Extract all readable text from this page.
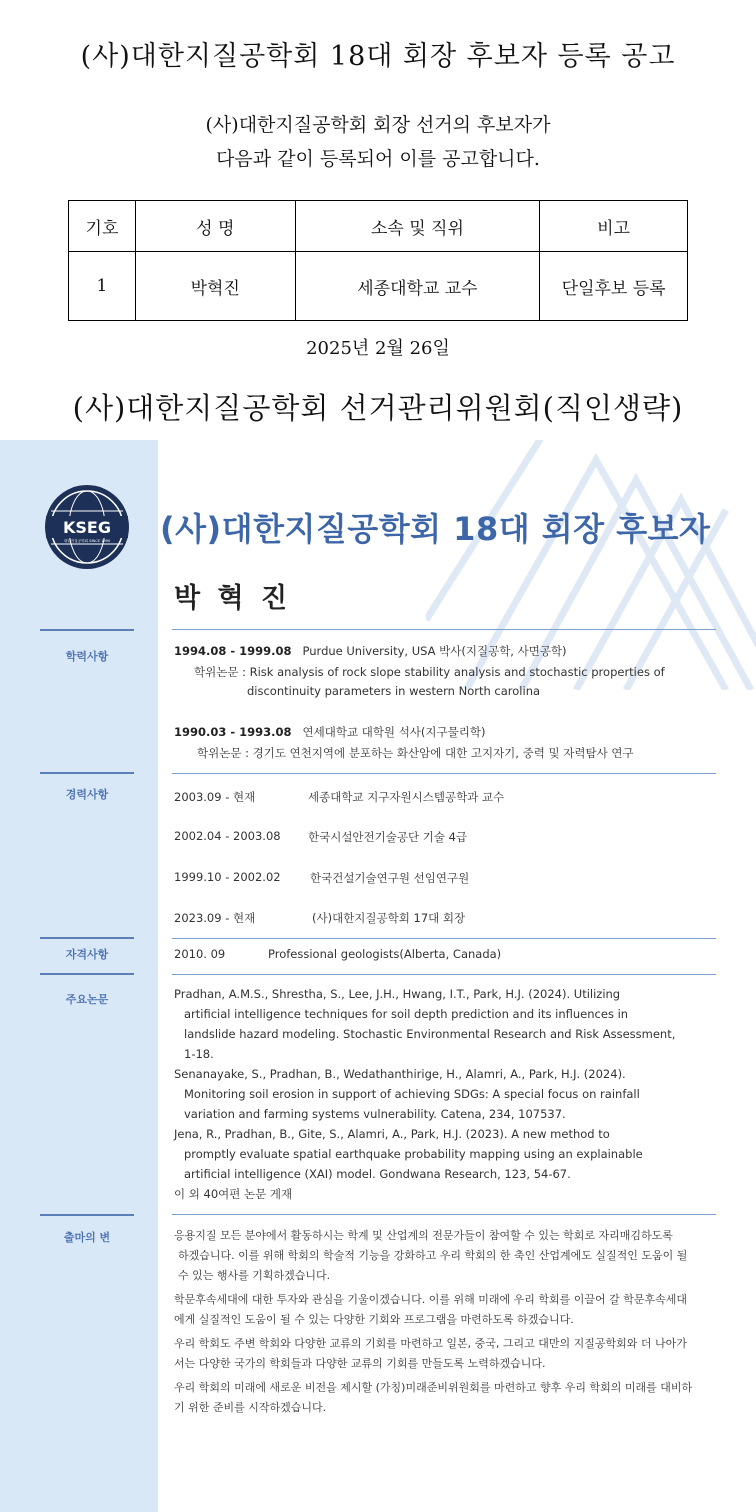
(사)대한지질공학회 18대 회장 후보자 등록 공고
(사)대한지질공학회 회장 선거의 후보자가
다음과 같이 등록되어 이를 공고합니다.
기호	성 명	소속 및 직위	비고
1	박혁진	세종대학교 교수	단일후보 등록
2025년 2월 26일
(사)대한지질공학회 선거관리위원회(직인생략)
KSEG
대한지질공학회 SINCE 1990 (사)대한지질공학회 18대 회장 후보자
박 혁 진
학력사항	1994.08 - 1999.08 Purdue University, USA 박사(지질공학, 사면공학)
학위논문 : Risk analysis of rock slope stability analysis and stochastic properties of
discontinuity parameters in western North carolina
1990.03 - 1993.08 연세대학교 대학원 석사(지구물리학)
학위논문 : 경기도 연천지역에 분포하는 화산암에 대한 고지자기, 중력 및 자력탐사 연구
경력사항	2003.09 - 현재	세종대학교 지구자원시스템공학과 교수
2002.04 - 2003.08 한국시설안전기술공단 기술 4급
1999.10 - 2002.02	한국건설기술연구원 선임연구원
2023.09 - 현재	(사)대한지질공학회 17대 회장
자격사항	2010. 09	Professional geologists(Alberta, Canada)
주요논문	Pradhan, A.M.S., Shrestha, S., Lee, J.H., Hwang, I.T., Park, H.J. (2024). Utilizing
artificial intelligence techniques for soil depth prediction and its influences in
landslide hazard modeling. Stochastic Environmental Research and Risk Assessment,
1-18.
Senanayake, S., Pradhan, B., Wedathanthirige, H., Alamri, A., Park, H.J. (2024).
Monitoring soil erosion in support of achieving SDGs: A special focus on rainfall
variation and farming systems vulnerability. Catena, 234, 107537.
Jena, R., Pradhan, B., Gite, S., Alamri, A., Park, H.J. (2023). A new method to
promptly evaluate spatial earthquake probability mapping using an explainable
artificial intelligence (XAI) model. Gondwana Research, 123, 54-67.
이 외 40여편 논문 게재
출마의 변	응용지질 모든 분야에서 활동하시는 학계 및 산업계의 전문가들이 참여할 수 있는 학회로 자리매김하도록
하겠습니다. 이를 위해 학회의 학술적 기능을 강화하고 우리 학회의 한 축인 산업계에도 실질적인 도움이 될
수 있는 행사를 기획하겠습니다.
학문후속세대에 대한 투자와 관심을 기울이겠습니다. 이를 위해 미래에 우리 학회를 이끌어 갈 학문후속세대
에게 실질적인 도움이 될 수 있는 다양한 기회와 프로그램을 마련하도록 하겠습니다.
우리 학회도 주변 학회와 다양한 교류의 기회를 마련하고 일본, 중국, 그리고 대만의 지질공학회와 더 나아가
서는 다양한 국가의 학회들과 다양한 교류의 기회를 만들도록 노력하겠습니다.
우리 학회의 미래에 새로운 비전을 제시할 (가칭)미래준비위원회를 마련하고 향후 우리 학회의 미래를 대비하
기 위한 준비를 시작하겠습니다.
